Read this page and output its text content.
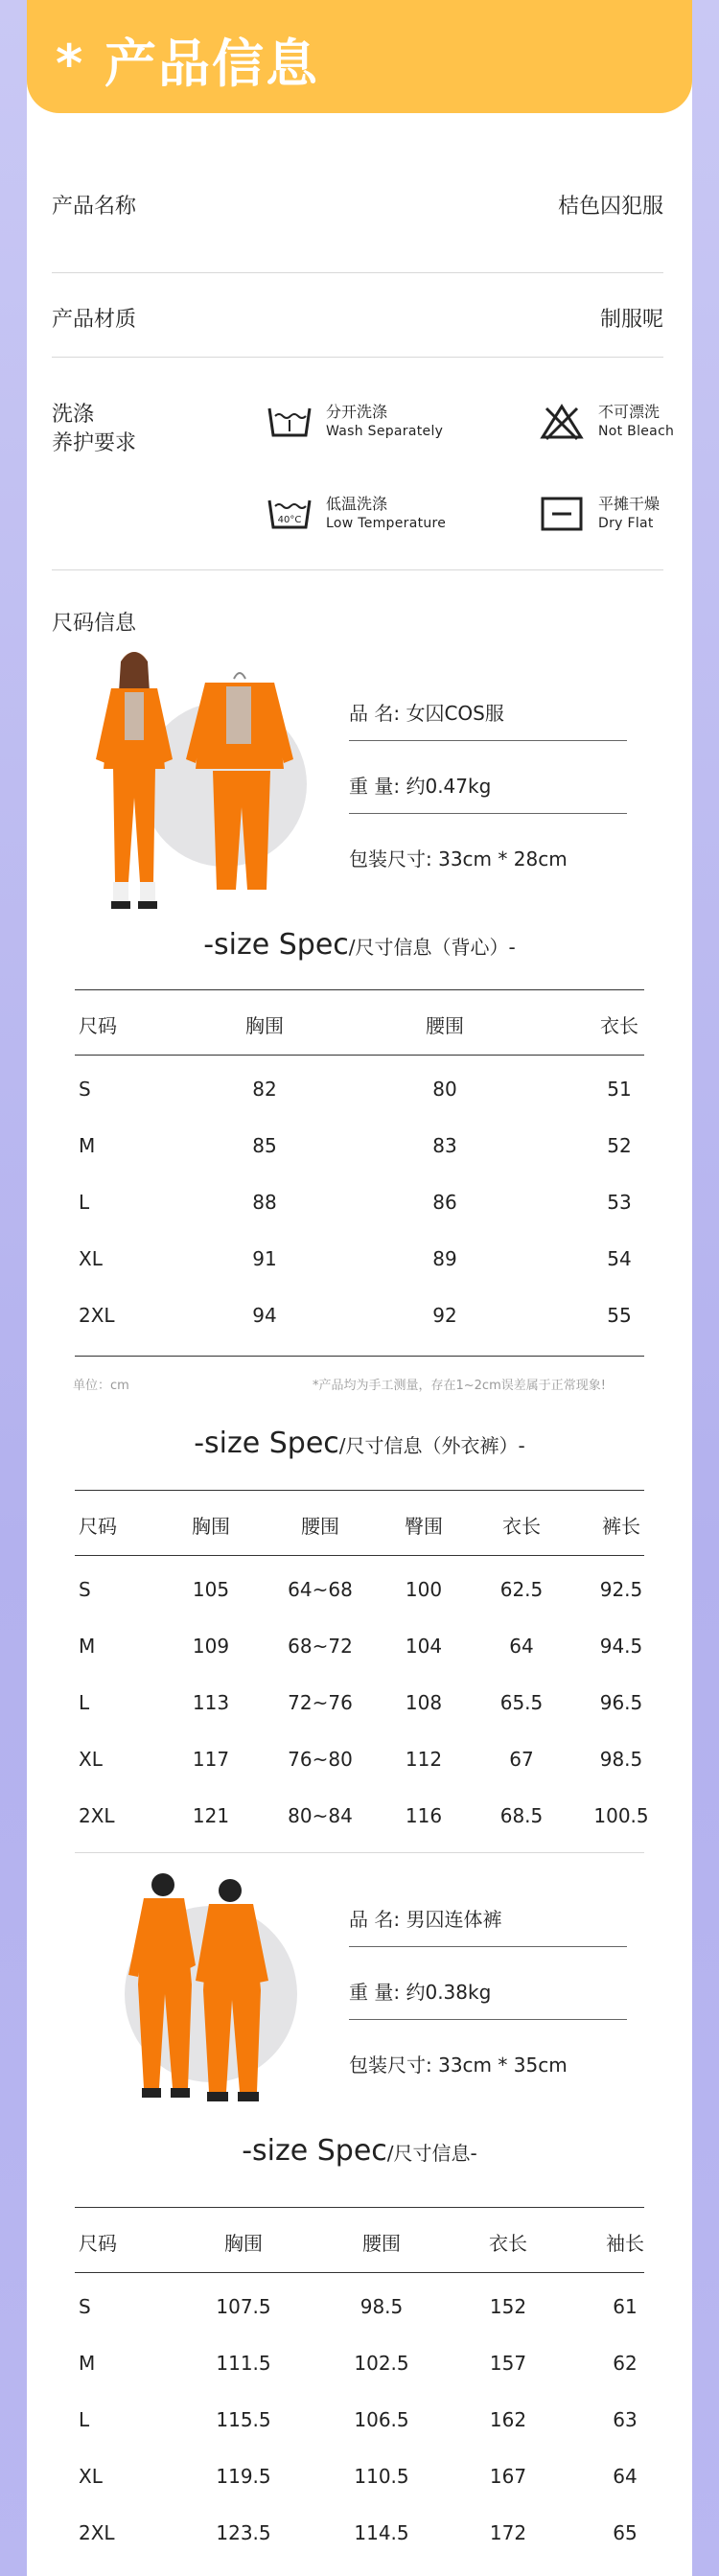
* 产品信息
产品名称	桔色囚犯服
产品材质	制服呢
洗涤
养护要求
分开洗涤
Wash Separately
不可漂洗
Not Bleach
40°C
低温洗涤
Low Temperature
平摊干燥
Dry Flat
尺码信息
品 名: 女囚COS服
重 量: 约0.47kg
包装尺寸: 33cm * 28cm
-size Spec/尺寸信息（背心）-
尺码	胸围	腰围	衣长
S	82	80	51
M	85	83	52
L	88	86	53
XL	91	89	54
2XL	94	92	55
单位：cm	*产品均为手工测量，存在1~2cm误差属于正常现象!
-size Spec/尺寸信息（外衣裤）-
尺码	胸围	腰围	臀围	衣长	裤长
S	105	64~68	100	62.5	92.5
M	109	68~72	104	64	94.5
L	113	72~76	108	65.5	96.5
XL	117	76~80	112	67	98.5
2XL	121	80~84	116	68.5	100.5
品 名: 男囚连体裤
重 量: 约0.38kg
包装尺寸: 33cm * 35cm
-size Spec/尺寸信息-
尺码	胸围	腰围	衣长	袖长
S	107.5	98.5	152	61
M	111.5	102.5	157	62
L	115.5	106.5	162	63
XL	119.5	110.5	167	64
2XL	123.5	114.5	172	65
